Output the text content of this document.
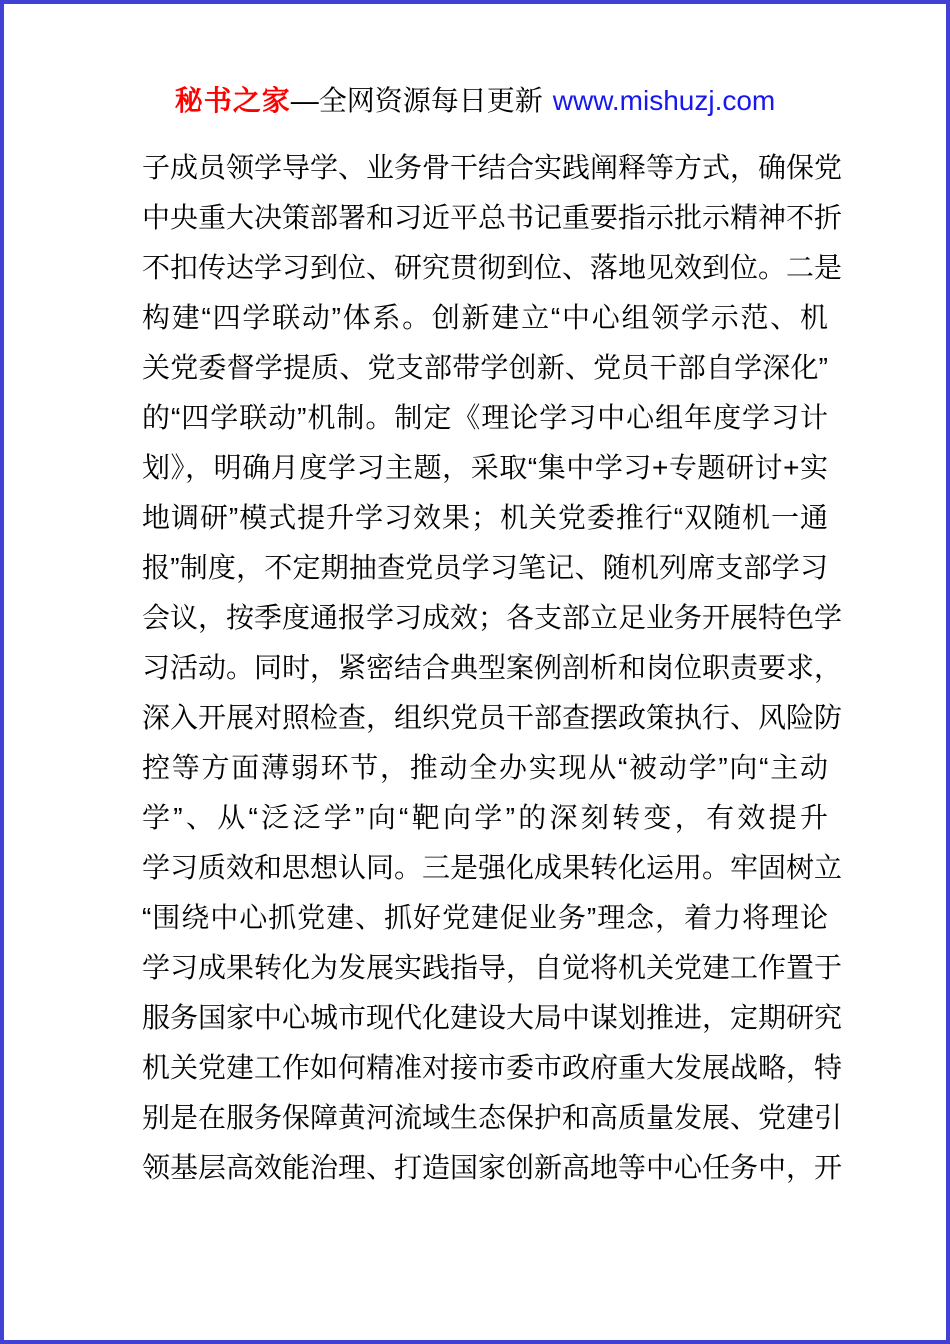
秘书之家—全网资源每日更新 www.mishuzj.com
子成员领学导学、业务骨干结合实践阐释等方式，确保党
中央重大决策部署和习近平总书记重要指示批示精神不折
不扣传达学习到位、研究贯彻到位、落地见效到位。二是
构建“四学联动”体系。创新建立“中心组领学示范、机
关党委督学提质、党支部带学创新、党员干部自学深化”
的“四学联动”机制。制定《理论学习中心组年度学习计
划》，明确月度学习主题，采取“集中学习+专题研讨+实
地调研”模式提升学习效果；机关党委推行“双随机一通
报”制度，不定期抽查党员学习笔记、随机列席支部学习
会议，按季度通报学习成效；各支部立足业务开展特色学
习活动。同时，紧密结合典型案例剖析和岗位职责要求，
深入开展对照检查，组织党员干部查摆政策执行、风险防
控等方面薄弱环节，推动全办实现从“被动学”向“主动
学”、从“泛泛学”向“靶向学”的深刻转变，有效提升
学习质效和思想认同。三是强化成果转化运用。牢固树立
“围绕中心抓党建、抓好党建促业务”理念，着力将理论
学习成果转化为发展实践指导，自觉将机关党建工作置于
服务国家中心城市现代化建设大局中谋划推进，定期研究
机关党建工作如何精准对接市委市政府重大发展战略，特
别是在服务保障黄河流域生态保护和高质量发展、党建引
领基层高效能治理、打造国家创新高地等中心任务中，开
